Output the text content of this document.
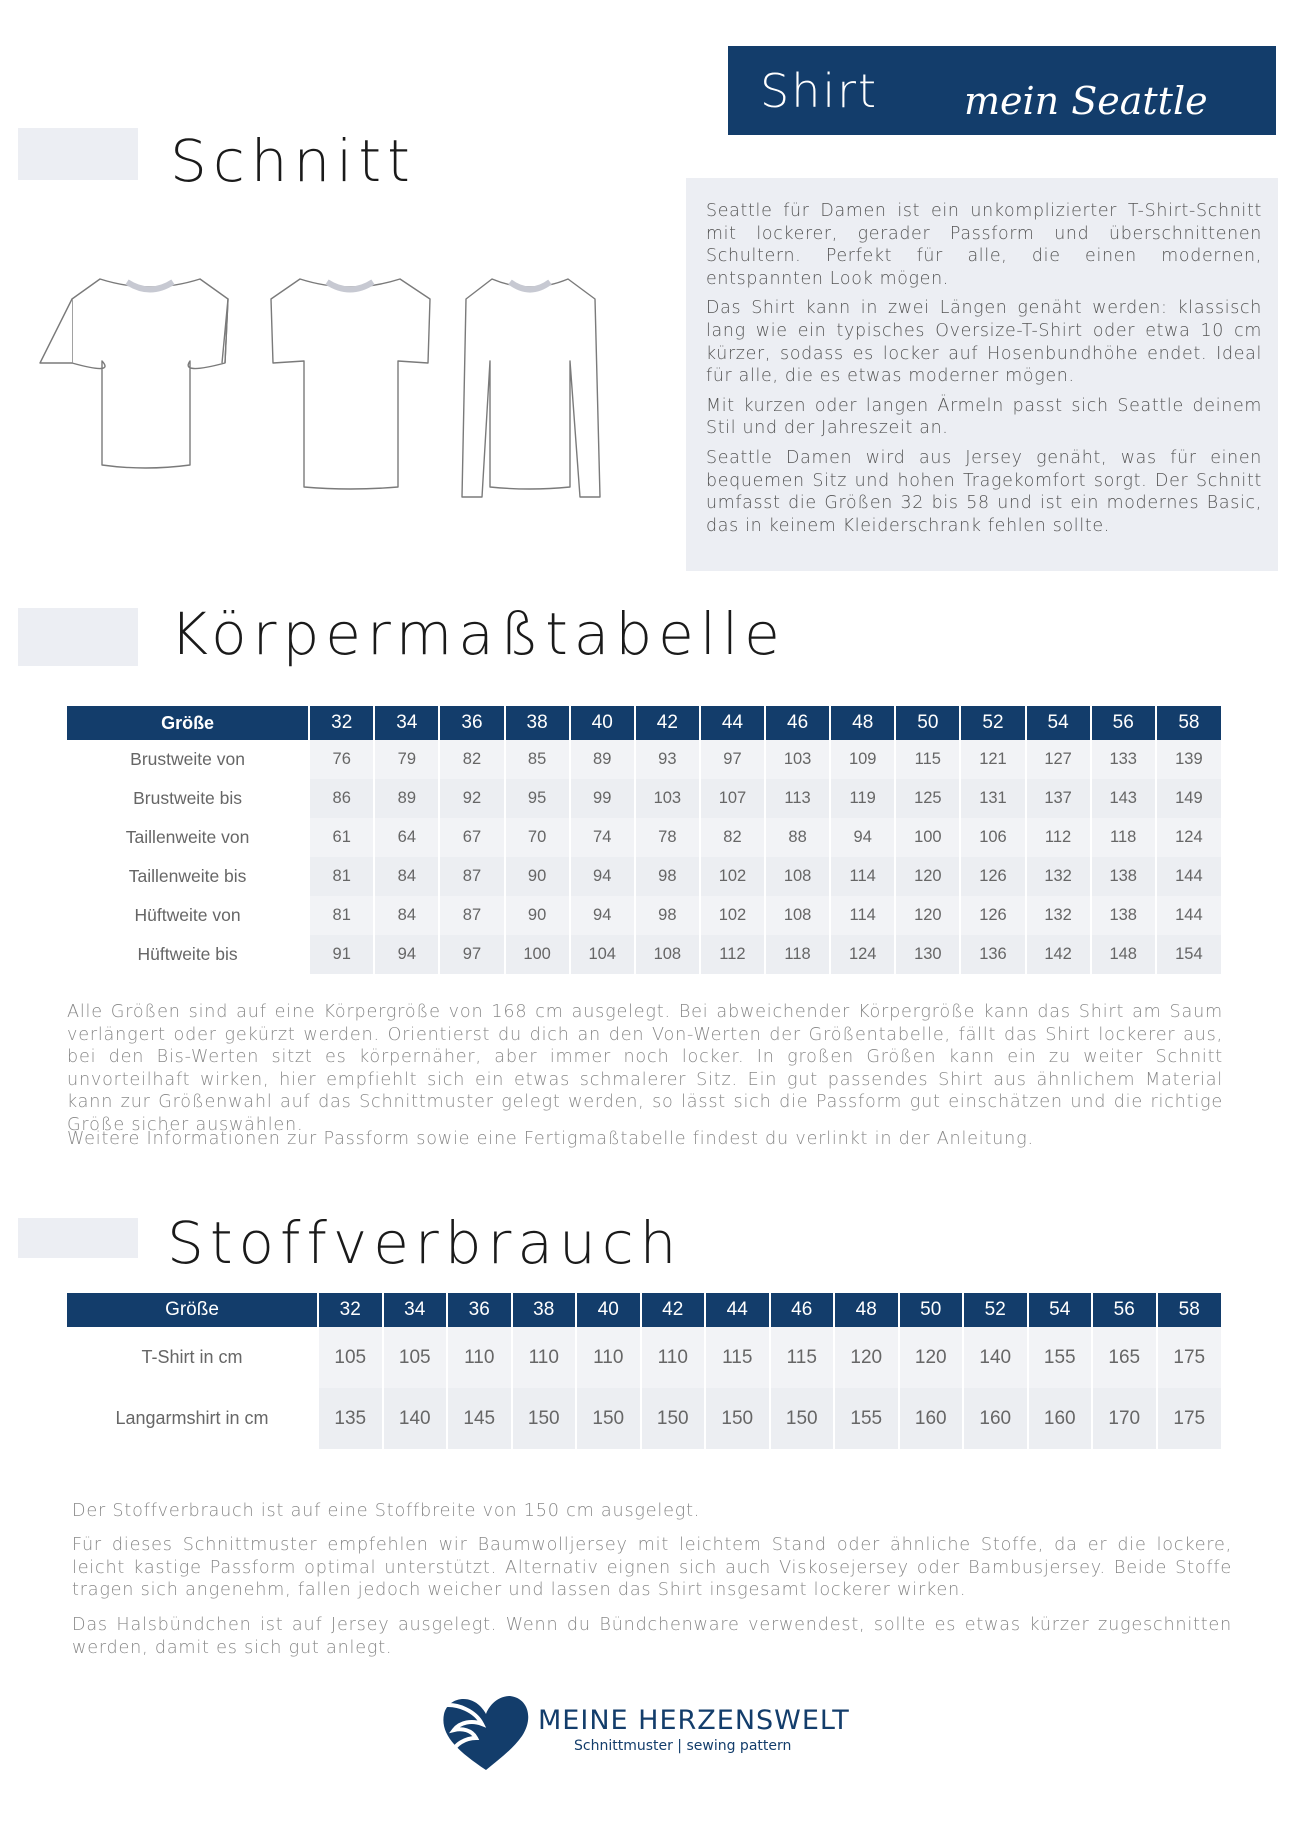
Shirt mein Seattle
Schnitt

Seattle für Damen ist ein unkomplizierter T-Shirt-Schnitt mit lockerer, gerader Passform und überschnittenen Schultern. Perfekt für alle, die einen modernen, entspannten Look mögen.

Das Shirt kann in zwei Längen genäht werden: klassisch lang wie ein typisches Oversize-T-Shirt oder etwa 10 cm kürzer, sodass es locker auf Hosenbundhöhe endet. Ideal für alle, die es etwas moderner mögen.

Mit kurzen oder langen Ärmeln passt sich Seattle deinem Stil und der Jahreszeit an.

Seattle Damen wird aus Jersey genäht, was für einen bequemen Sitz und hohen Tragekomfort sorgt. Der Schnitt umfasst die Größen 32 bis 58 und ist ein modernes Basic, das in keinem Kleiderschrank fehlen sollte.

Körpermaßtabelle
Größe	32	34	36	38	40	42	44	46	48	50	52	54	56	58
Brustweite von	76	79	82	85	89	93	97	103	109	115	121	127	133	139
Brustweite bis	86	89	92	95	99	103	107	113	119	125	131	137	143	149
Taillenweite von	61	64	67	70	74	78	82	88	94	100	106	112	118	124
Taillenweite bis	81	84	87	90	94	98	102	108	114	120	126	132	138	144
Hüftweite von	81	84	87	90	94	98	102	108	114	120	126	132	138	144
Hüftweite bis	91	94	97	100	104	108	112	118	124	130	136	142	148	154

Alle Größen sind auf eine Körpergröße von 168 cm ausgelegt. Bei abweichender Körpergröße kann das Shirt am Saum verlängert oder gekürzt werden. Orientierst du dich an den Von-Werten der Größentabelle, fällt das Shirt lockerer aus, bei den Bis-Werten sitzt es körpernäher, aber immer noch locker. In großen Größen kann ein zu weiter Schnitt unvorteilhaft wirken, hier empfiehlt sich ein etwas schmalerer Sitz. Ein gut passendes Shirt aus ähnlichem Material kann zur Größenwahl auf das Schnittmuster gelegt werden, so lässt sich die Passform gut einschätzen und die richtige Größe sicher auswählen.

Weitere Informationen zur Passform sowie eine Fertigmaßtabelle findest du verlinkt in der Anleitung.

Stoffverbrauch
Größe	32	34	36	38	40	42	44	46	48	50	52	54	56	58
T-Shirt in cm	105	105	110	110	110	110	115	115	120	120	140	155	165	175
Langarmshirt in cm	135	140	145	150	150	150	150	150	155	160	160	160	170	175

Der Stoffverbrauch ist auf eine Stoffbreite von 150 cm ausgelegt.

Für dieses Schnittmuster empfehlen wir Baumwolljersey mit leichtem Stand oder ähnliche Stoffe, da er die lockere, leicht kastige Passform optimal unterstützt. Alternativ eignen sich auch Viskosejersey oder Bambusjersey. Beide Stoffe tragen sich angenehm, fallen jedoch weicher und lassen das Shirt insgesamt lockerer wirken.

Das Halsbündchen ist auf Jersey ausgelegt. Wenn du Bündchenware verwendest, sollte es etwas kürzer zugeschnitten werden, damit es sich gut anlegt.

MEINE HERZENSWELT
Schnittmuster | sewing pattern
